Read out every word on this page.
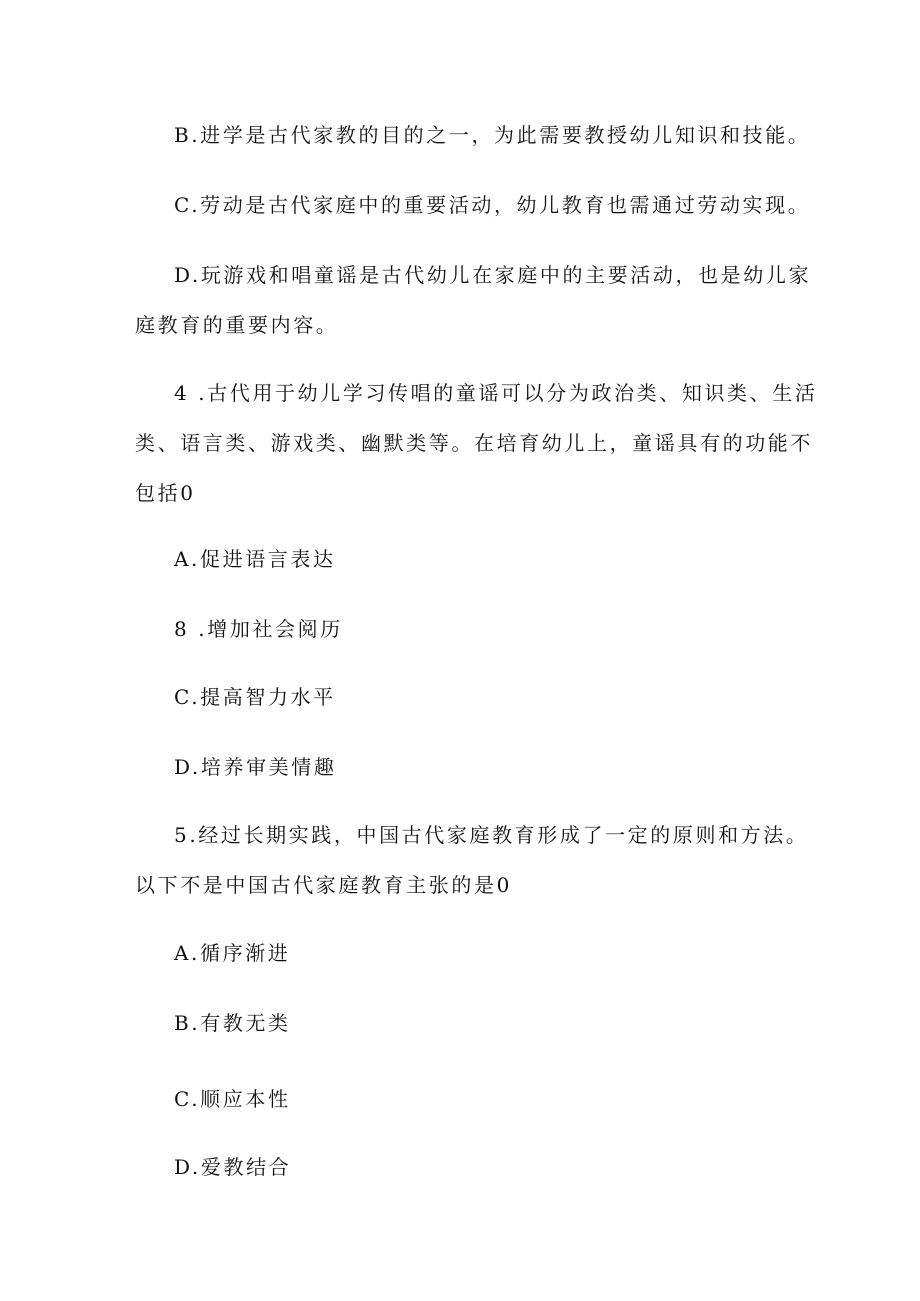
B.进学是古代家教的目的之一，为此需要教授幼儿知识和技能。

C.劳动是古代家庭中的重要活动，幼儿教育也需通过劳动实现。

D.玩游戏和唱童谣是古代幼儿在家庭中的主要活动，也是幼儿家

庭教育的重要内容。

4 .古代用于幼儿学习传唱的童谣可以分为政治类、知识类、生活

类、语言类、游戏类、幽默类等。在培育幼儿上，童谣具有的功能不

包括0

A.促进语言表达

8 .增加社会阅历

C.提高智力水平

D.培养审美情趣

5.经过长期实践，中国古代家庭教育形成了一定的原则和方法。

以下不是中国古代家庭教育主张的是0

A.循序渐进

B.有教无类

C.顺应本性

D.爱教结合
